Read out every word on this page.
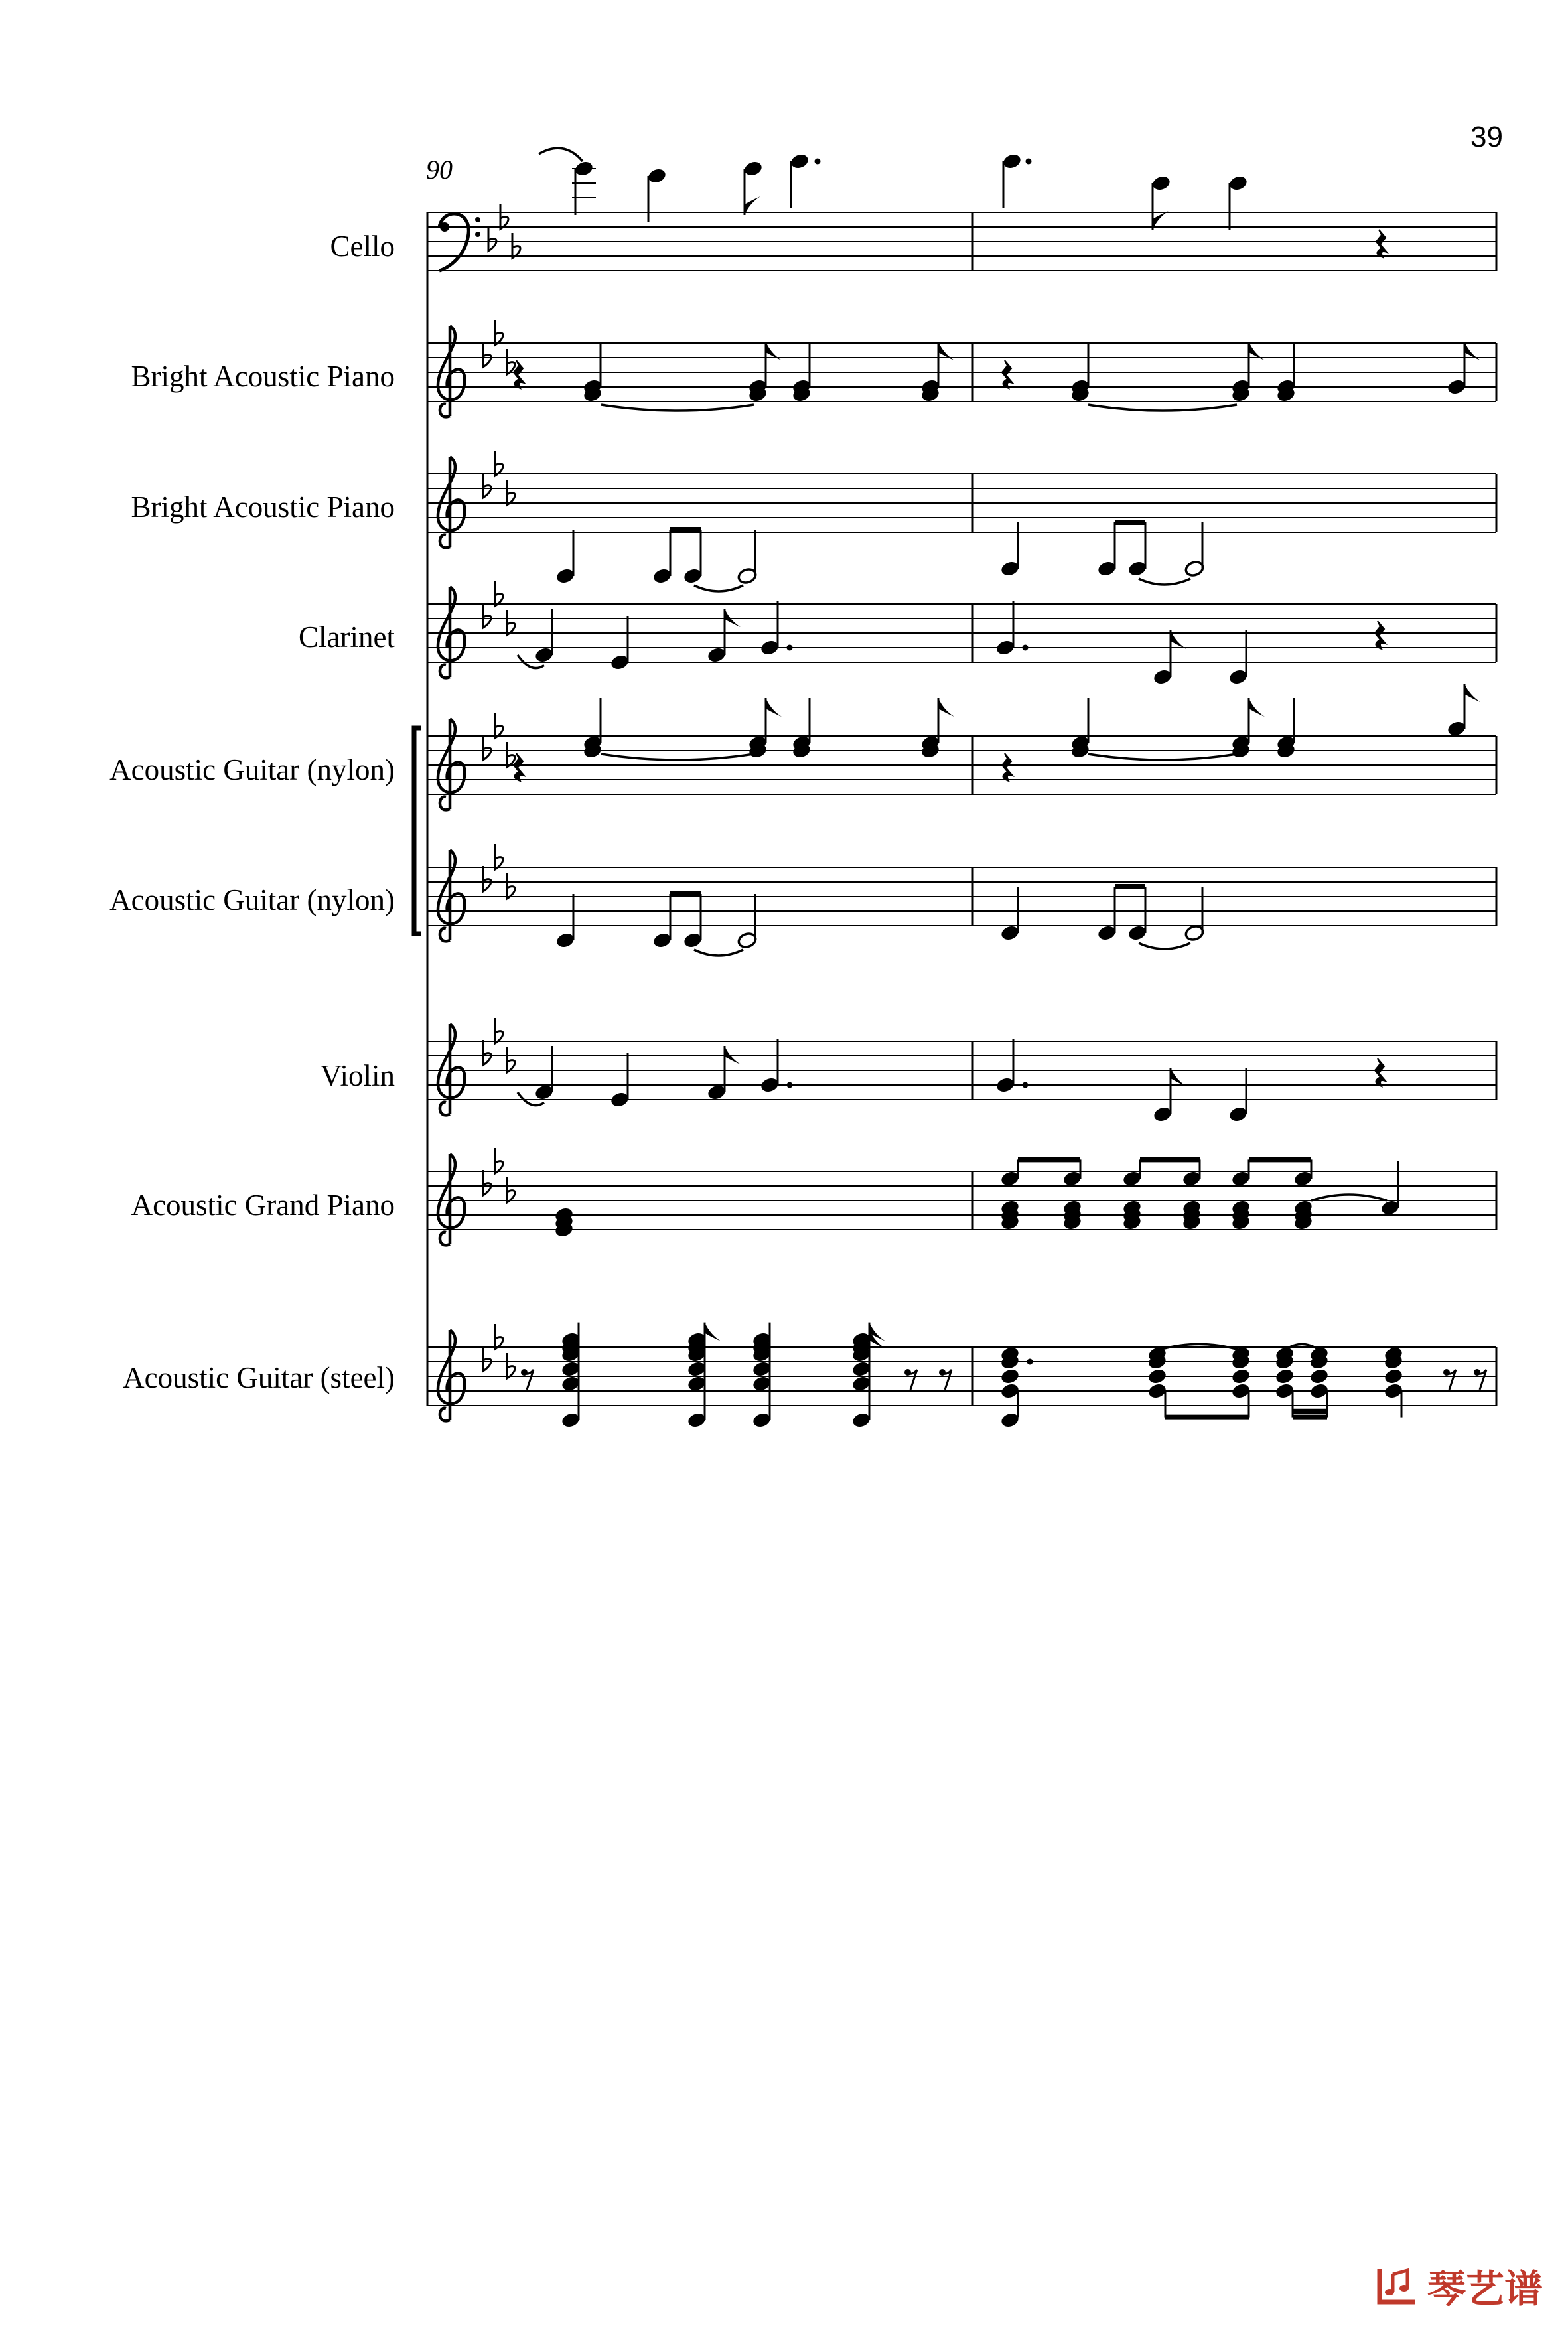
39
90
Cello
Bright Acoustic Piano
Bright Acoustic Piano
Clarinet
Acoustic Guitar (nylon)
Acoustic Guitar (nylon)
Violin
Acoustic Grand Piano
Acoustic Guitar (steel)
琴艺谱
